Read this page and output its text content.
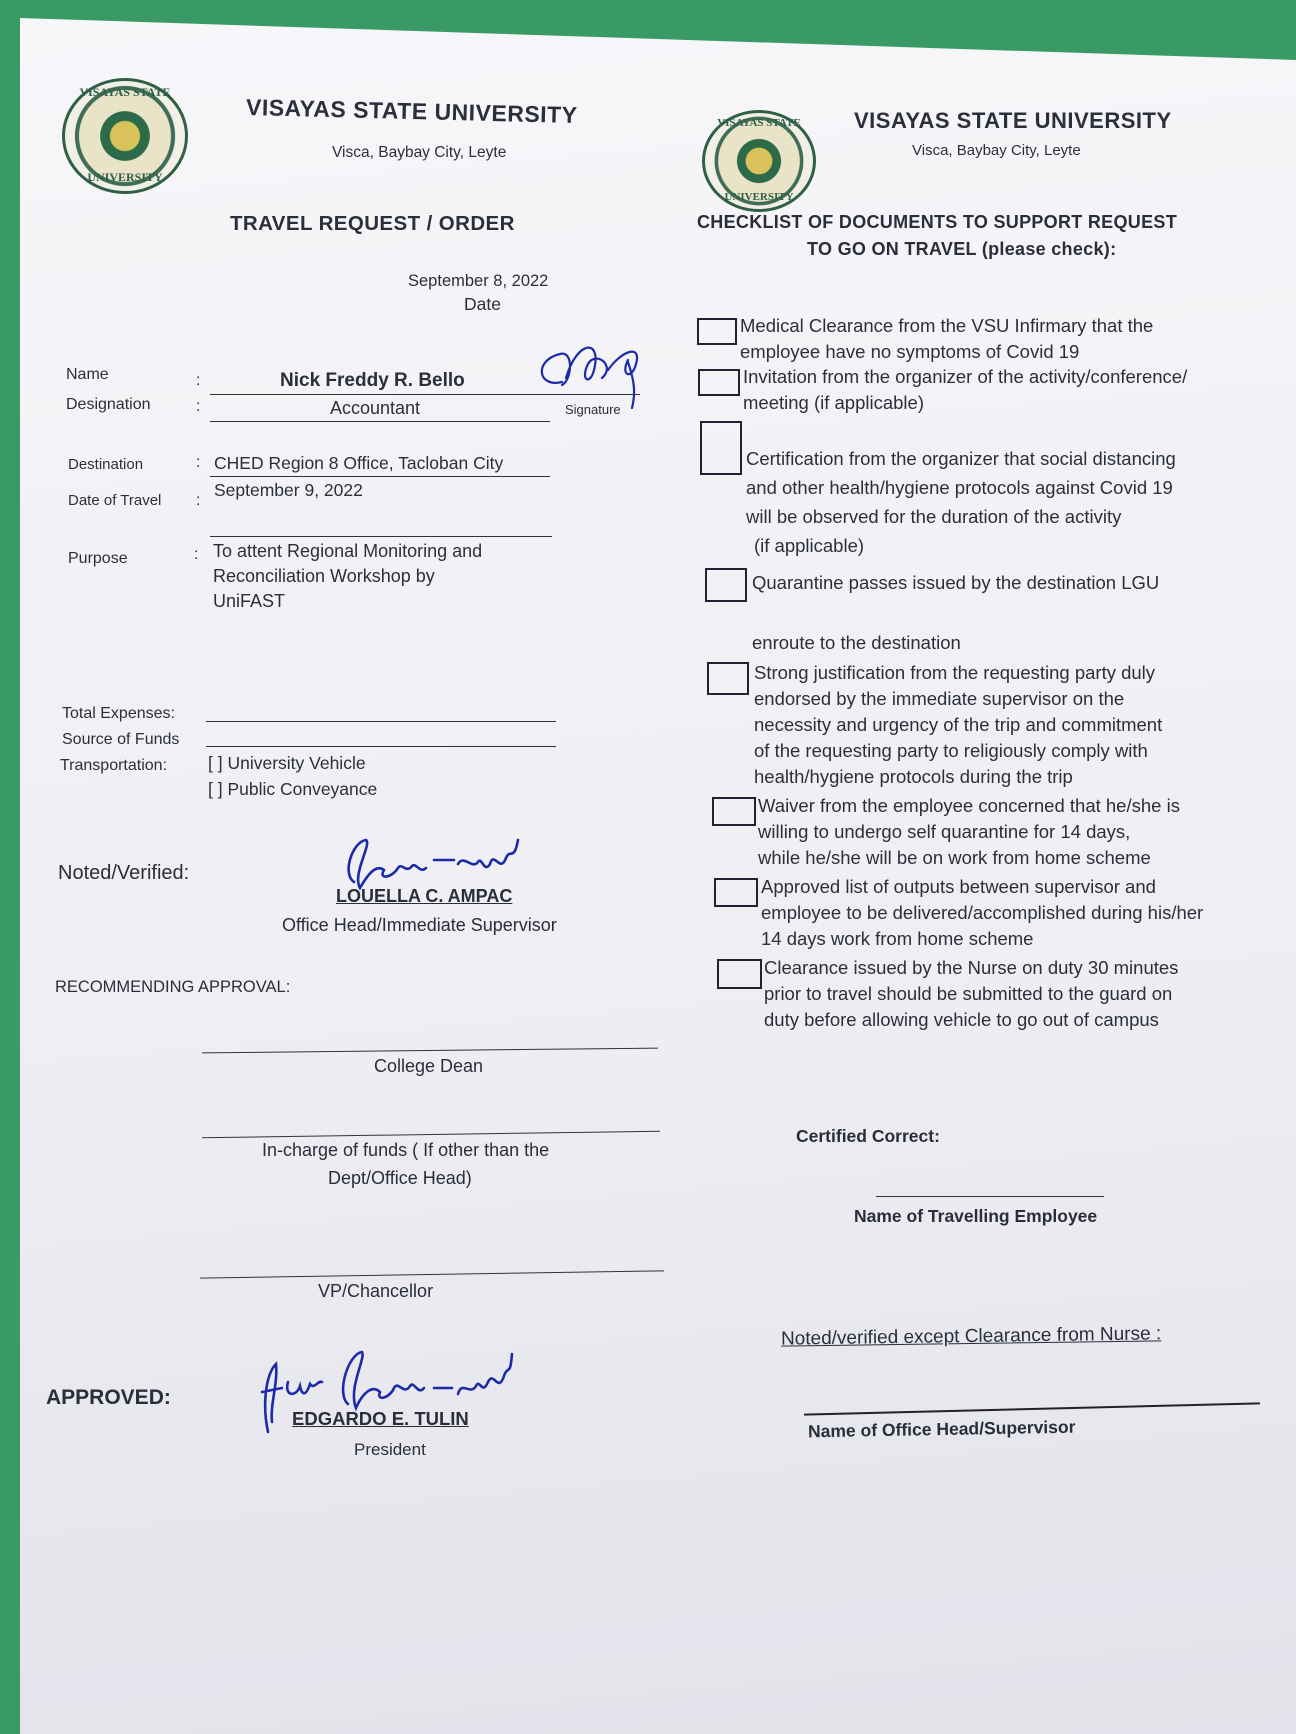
VISAYAS STATE
UNIVERSITY
VISAYAS STATE UNIVERSITY
Visca, Baybay City, Leyte
TRAVEL REQUEST / ORDER
September 8, 2022
Date
Name	:	Nick Freddy R. Bello
Signature
Designation	:	Accountant
Destination	: CHED Region 8 Office, Tacloban City
Date of Travel :
September 9, 2022
Purpose	: To attent Regional Monitoring and
Reconciliation Workshop by
UniFAST
Total Expenses:
Source of Funds
Transportation: [ ] University Vehicle
[ ] Public Conveyance
Noted/Verified:
LOUELLA C. AMPAC
Office Head/Immediate Supervisor
RECOMMENDING APPROVAL:
College Dean
In-charge of funds ( If other than the
Dept/Office Head)
VP/Chancellor
APPROVED:
EDGARDO E. TULIN
President
VISAYAS STATE
UNIVERSITY
VISAYAS STATE UNIVERSITY
Visca, Baybay City, Leyte
CHECKLIST OF DOCUMENTS TO SUPPORT REQUEST
TO GO ON TRAVEL (please check):
Medical Clearance from the VSU Infirmary that the
employee have no symptoms of Covid 19
Invitation from the organizer of the activity/conference/
meeting (if applicable)
Certification from the organizer that social distancing
and other health/hygiene protocols against Covid 19
will be observed for the duration of the activity
(if applicable)
Quarantine passes issued by the destination LGU
enroute to the destination
Strong justification from the requesting party duly
endorsed by the immediate supervisor on the
necessity and urgency of the trip and commitment
of the requesting party to religiously comply with
health/hygiene protocols during the trip
Waiver from the employee concerned that he/she is
willing to undergo self quarantine for 14 days,
while he/she will be on work from home scheme
Approved list of outputs between supervisor and
employee to be delivered/accomplished during his/her
14 days work from home scheme
Clearance issued by the Nurse on duty 30 minutes
prior to travel should be submitted to the guard on
duty before allowing vehicle to go out of campus
Certified Correct:
Name of Travelling Employee
Noted/verified except Clearance from Nurse :
Name of Office Head/Supervisor
